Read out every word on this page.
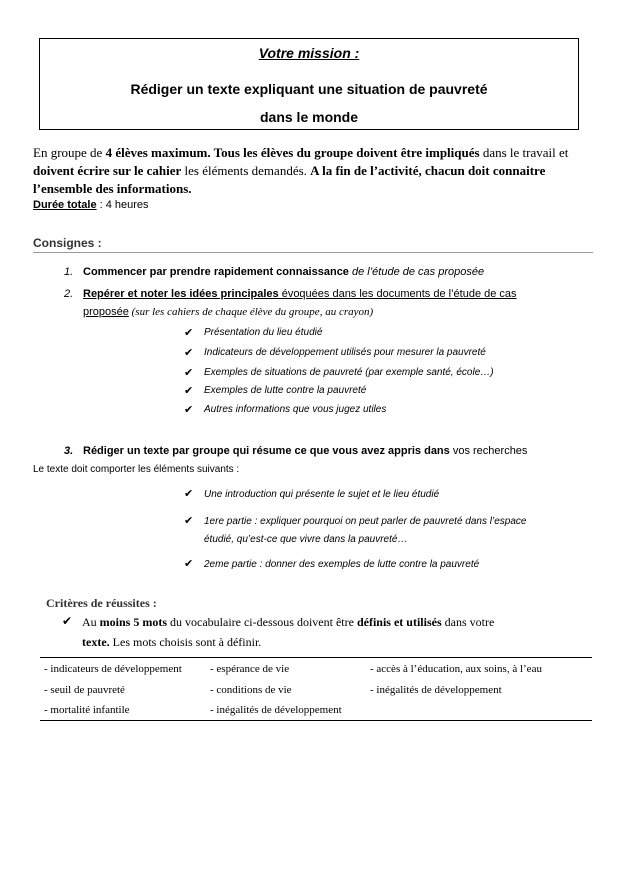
Votre mission :
Rédiger un texte expliquant une situation de pauvreté
dans le monde
En groupe de 4 élèves maximum. Tous les élèves du groupe doivent être impliqués dans le travail et doivent écrire sur le cahier les éléments demandés. A la fin de l’activité, chacun doit connaitre l’ensemble des informations.
Durée totale : 4 heures
Consignes :
1. Commencer par prendre rapidement connaissance de l’étude de cas proposée
2. Repérer et noter les idées principales évoquées dans les documents de l’étude de cas
proposée (sur les cahiers de chaque élève du groupe, au crayon)
✔ Présentation du lieu étudié
✔ Indicateurs de développement utilisés pour mesurer la pauvreté
✔ Exemples de situations de pauvreté (par exemple santé, école…)
✔ Exemples de lutte contre la pauvreté
✔ Autres informations que vous jugez utiles
3. Rédiger un texte par groupe qui résume ce que vous avez appris dans vos recherches
Le texte doit comporter les éléments suivants :
✔ Une introduction qui présente le sujet et le lieu étudié
✔ 1ere partie : expliquer pourquoi on peut parler de pauvreté dans l’espace
étudié, qu’est-ce que vivre dans la pauvreté…
✔ 2eme partie : donner des exemples de lutte contre la pauvreté
Critères de réussites :
✔ Au moins 5 mots du vocabulaire ci-dessous doivent être définis et utilisés dans votre
texte. Les mots choisis sont à définir.
- indicateurs de développement	- espérance de vie	- accès à l’éducation, aux soins, à l’eau
- seuil de pauvreté	- conditions de vie	- inégalités de développement
- mortalité infantile	- inégalités de développement
